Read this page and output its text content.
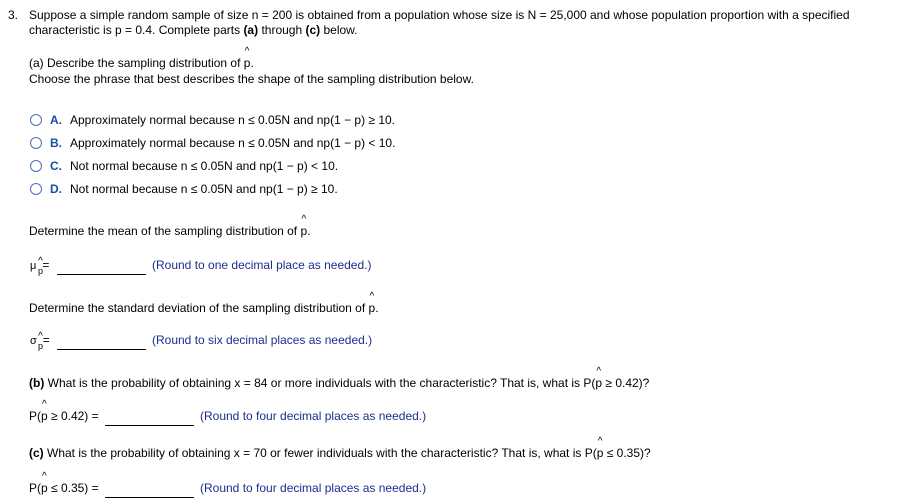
3. Suppose a simple random sample of size n = 200 is obtained from a population whose size is N = 25,000 and whose population proportion with a specified
characteristic is p = 0.4. Complete parts (a) through (c) below.
(a) Describe the sampling distribution of ^ p.
Choose the phrase that best describes the shape of the sampling distribution below.
A. Approximately normal because n ≤ 0.05N and np(1 − p) ≥ 10.
B. Approximately normal because n ≤ 0.05N and np(1 − p) < 10.
C. Not normal because n ≤ 0.05N and np(1 − p) < 10.
D. Not normal because n ≤ 0.05N and np(1 − p) ≥ 10.
Determine the mean of the sampling distribution of ^ p.
μ ^ p =	(Round to one decimal place as needed.)
Determine the standard deviation of the sampling distribution of ^ p.
σ ^ p =	(Round to six decimal places as needed.)
(b) What is the probability of obtaining x = 84 or more individuals with the characteristic? That is, what is P(^ p ≥ 0.42)?
P(^ p ≥ 0.42) =	(Round to four decimal places as needed.)
(c) What is the probability of obtaining x = 70 or fewer individuals with the characteristic? That is, what is P(^ p ≤ 0.35)?
P(^ p ≤ 0.35) =	(Round to four decimal places as needed.)
